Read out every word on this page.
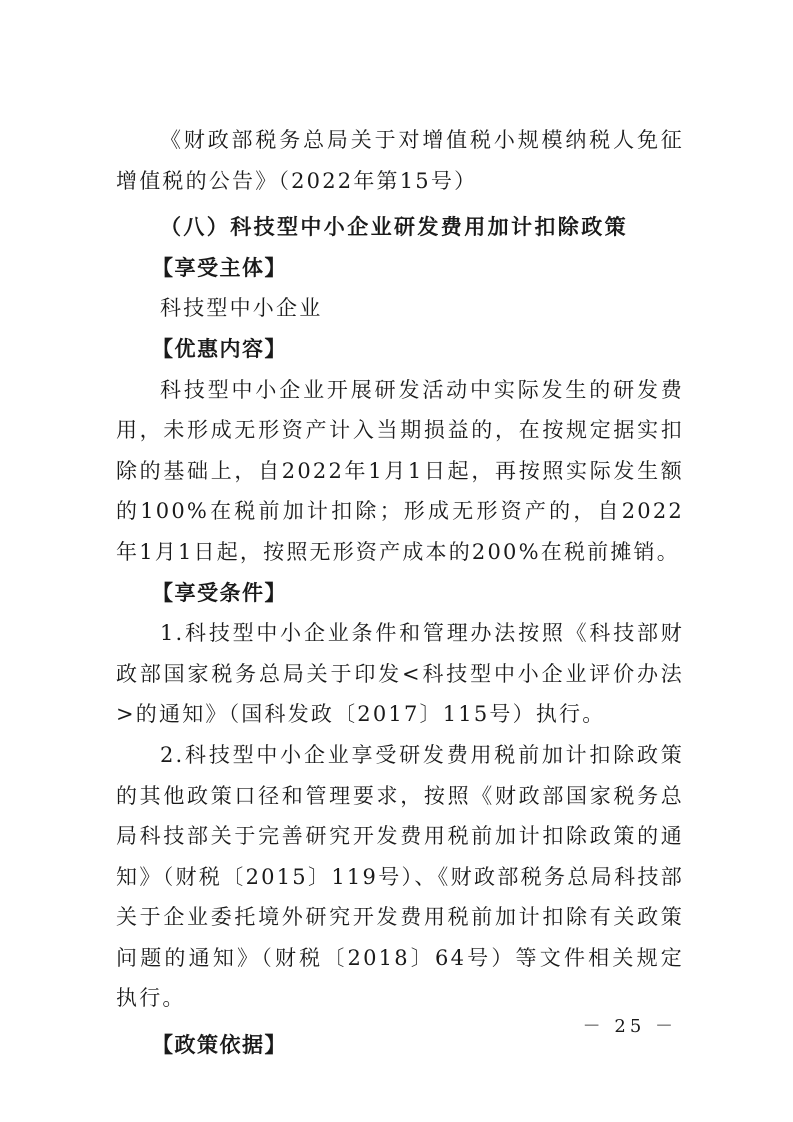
《财政部税务总局关于对增值税小规模纳税人免征增值税的公告》（2022年第15号）

（八）科技型中小企业研发费用加计扣除政策

【享受主体】

科技型中小企业

【优惠内容】

科技型中小企业开展研发活动中实际发生的研发费用，未形成无形资产计入当期损益的，在按规定据实扣除的基础上，自2022年1月1日起，再按照实际发生额的100%在税前加计扣除；形成无形资产的，自2022年1月1日起，按照无形资产成本的200%在税前摊销。

【享受条件】

1.科技型中小企业条件和管理办法按照《科技部财政部国家税务总局关于印发<科技型中小企业评价办法>的通知》（国科发政〔2017〕115号）执行。

2.科技型中小企业享受研发费用税前加计扣除政策的其他政策口径和管理要求，按照《财政部国家税务总局科技部关于完善研究开发费用税前加计扣除政策的通知》（财税〔2015〕119号）、《财政部税务总局科技部关于企业委托境外研究开发费用税前加计扣除有关政策问题的通知》（财税〔2018〕64号）等文件相关规定执行。

【政策依据】

－ 25 －
